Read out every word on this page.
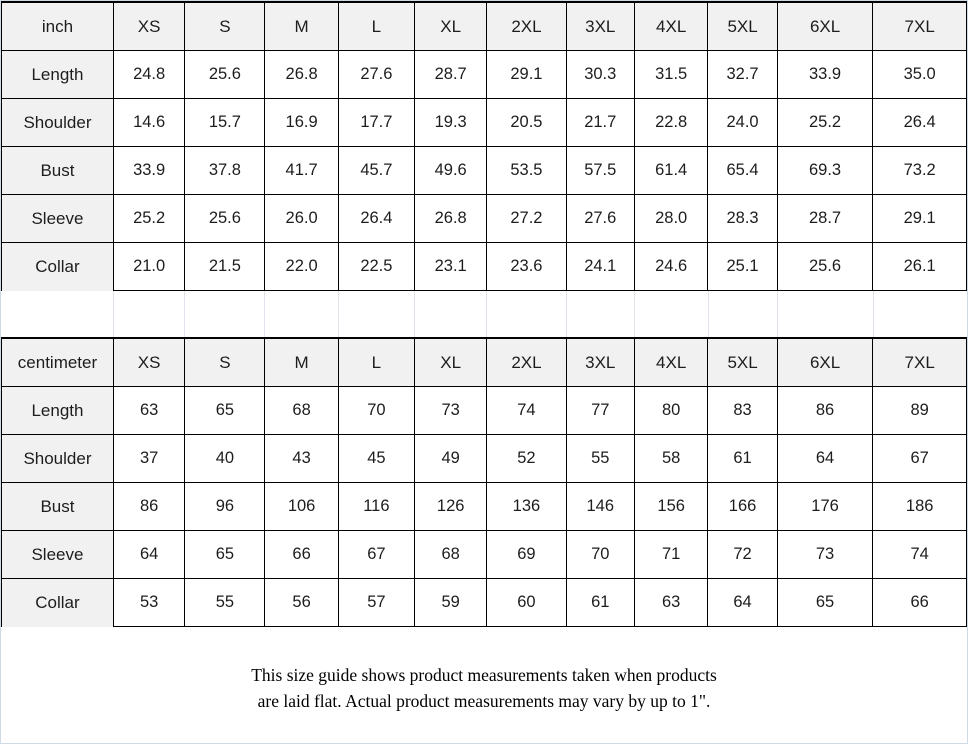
inch	XS	S	M	L	XL	2XL	3XL	4XL	5XL	6XL	7XL
Length	24.8	25.6	26.8	27.6	28.7	29.1	30.3	31.5	32.7	33.9	35.0
Shoulder	14.6	15.7	16.9	17.7	19.3	20.5	21.7	22.8	24.0	25.2	26.4
Bust	33.9	37.8	41.7	45.7	49.6	53.5	57.5	61.4	65.4	69.3	73.2
Sleeve	25.2	25.6	26.0	26.4	26.8	27.2	27.6	28.0	28.3	28.7	29.1
Collar	21.0	21.5	22.0	22.5	23.1	23.6	24.1	24.6	25.1	25.6	26.1

centimeter	XS	S	M	L	XL	2XL	3XL	4XL	5XL	6XL	7XL
Length	63	65	68	70	73	74	77	80	83	86	89
Shoulder	37	40	43	45	49	52	55	58	61	64	67
Bust	86	96	106	116	126	136	146	156	166	176	186
Sleeve	64	65	66	67	68	69	70	71	72	73	74
Collar	53	55	56	57	59	60	61	63	64	65	66
This size guide shows product measurements taken when products
are laid flat. Actual product measurements may vary by up to 1".
